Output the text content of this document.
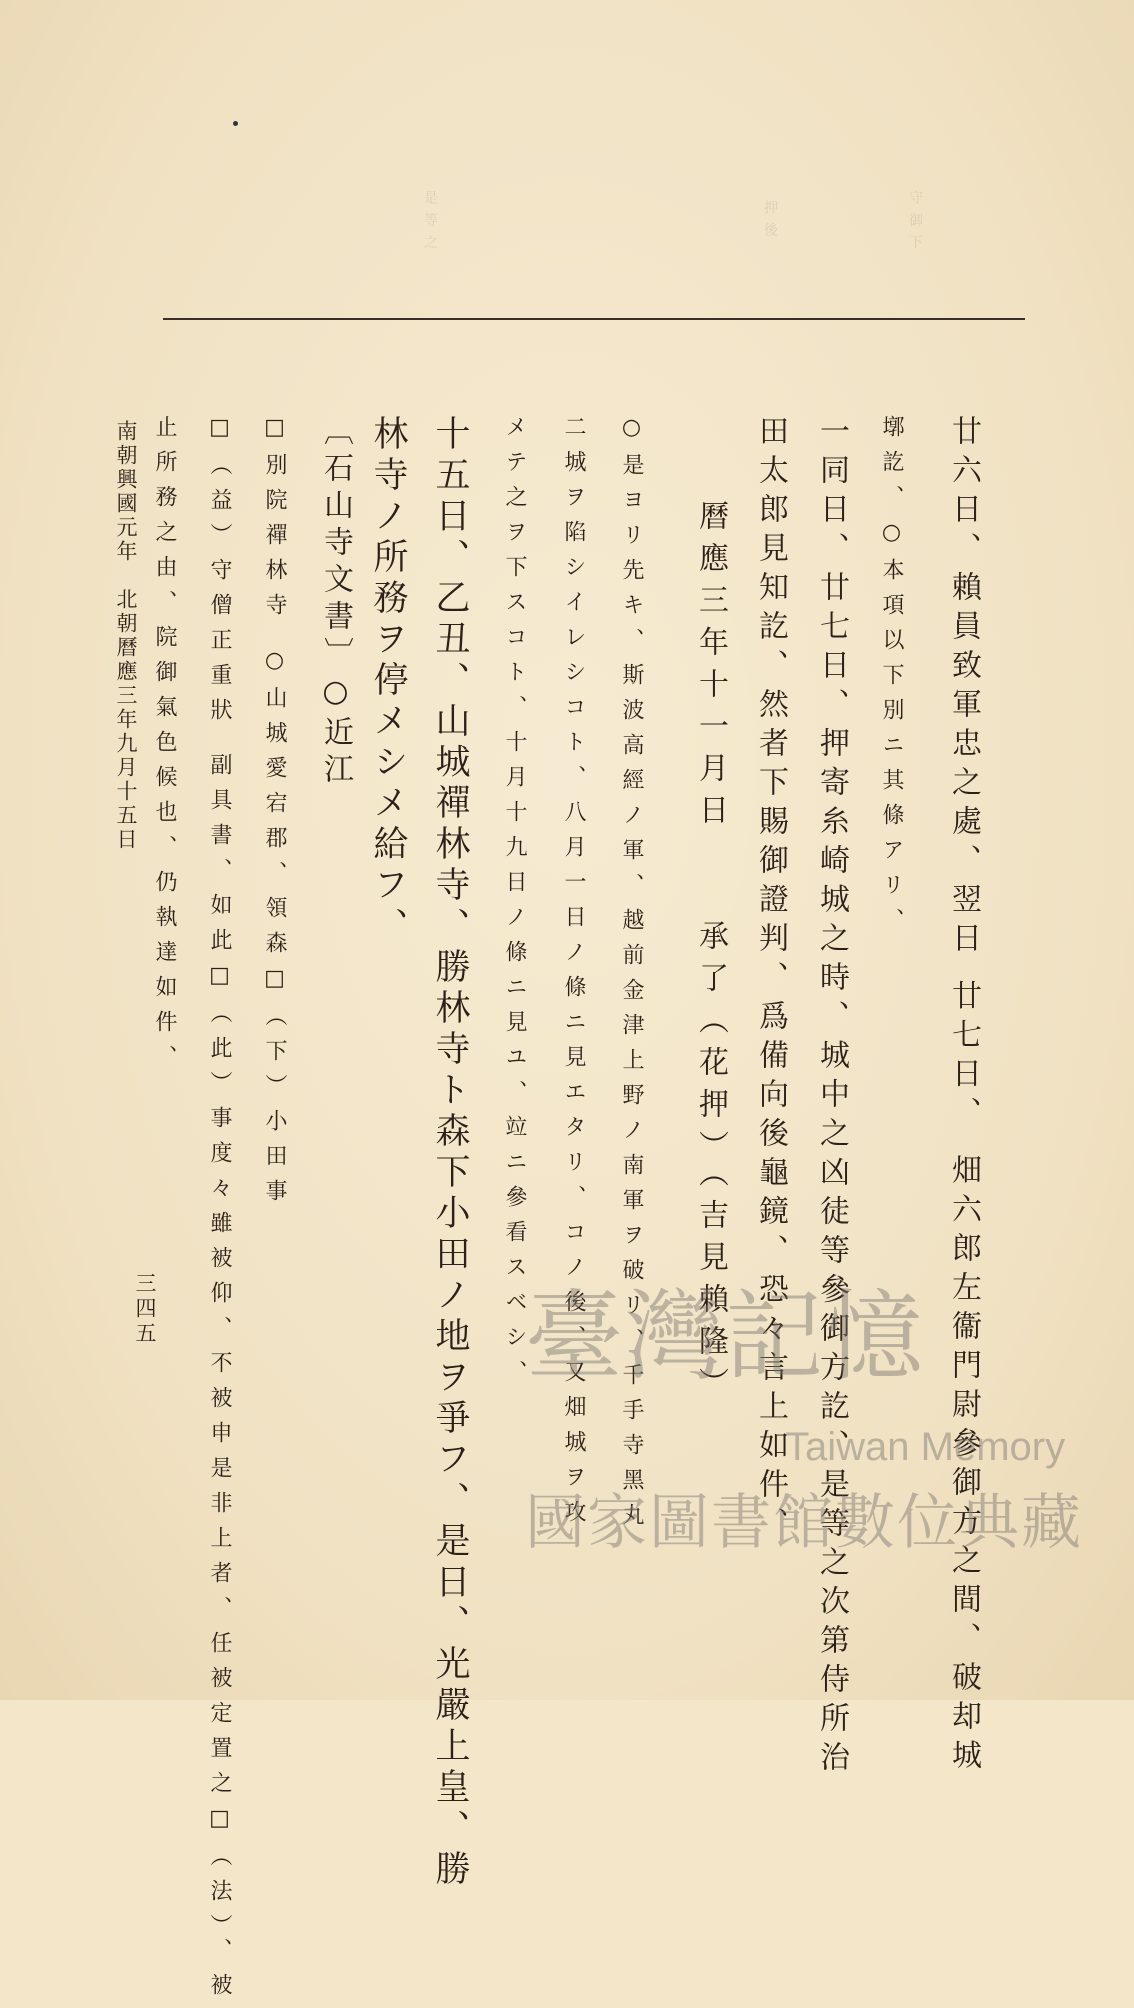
守 御 下
押 後
是 等 之
廿六日、賴員致軍忠之處、翌日 廿七日、 畑六郎左衞門尉參御方之間、破却城
墎訖、○本項以下別ニ其條アリ、
一同日、廿七日、押寄糸崎城之時、城中之凶徒等參御方訖、是等之次第侍所治
田太郎見知訖、然者下賜御證判、爲備向後龜鏡、恐々言上如件、
曆應三年十一月日　　承了（花押）（吉見賴隆）
○是ヨリ先キ、斯波高經ノ軍、越前金津上野ノ南軍ヲ破リ、千手寺黑丸
二城ヲ陷シイレシコト、八月一日ノ條ニ見エタリ、コノ後、又畑城ヲ攻
メテ之ヲ下スコト、十月十九日ノ條ニ見ユ、竝ニ參看スベシ、
十五日、乙丑、山城禪林寺、勝林寺ト森下小田ノ地ヲ爭フ、是日、光嚴上皇、勝
林寺ノ所務ヲ停メシメ給フ、
〔石山寺文書〕○近江
□別院禪林寺 ○山城愛宕郡、領森□（下）小田事
□（益）守僧正重狀 副具書、如此□（此）事度々雖被仰、不被申是非上者、任被定置之□（法）、被
止所務之由、院御氣色候也、仍執達如件、
南朝興國元年　北朝曆應三年九月十五日
三四五	臺灣記憶
Taiwan Memory
國家圖書館數位典藏
